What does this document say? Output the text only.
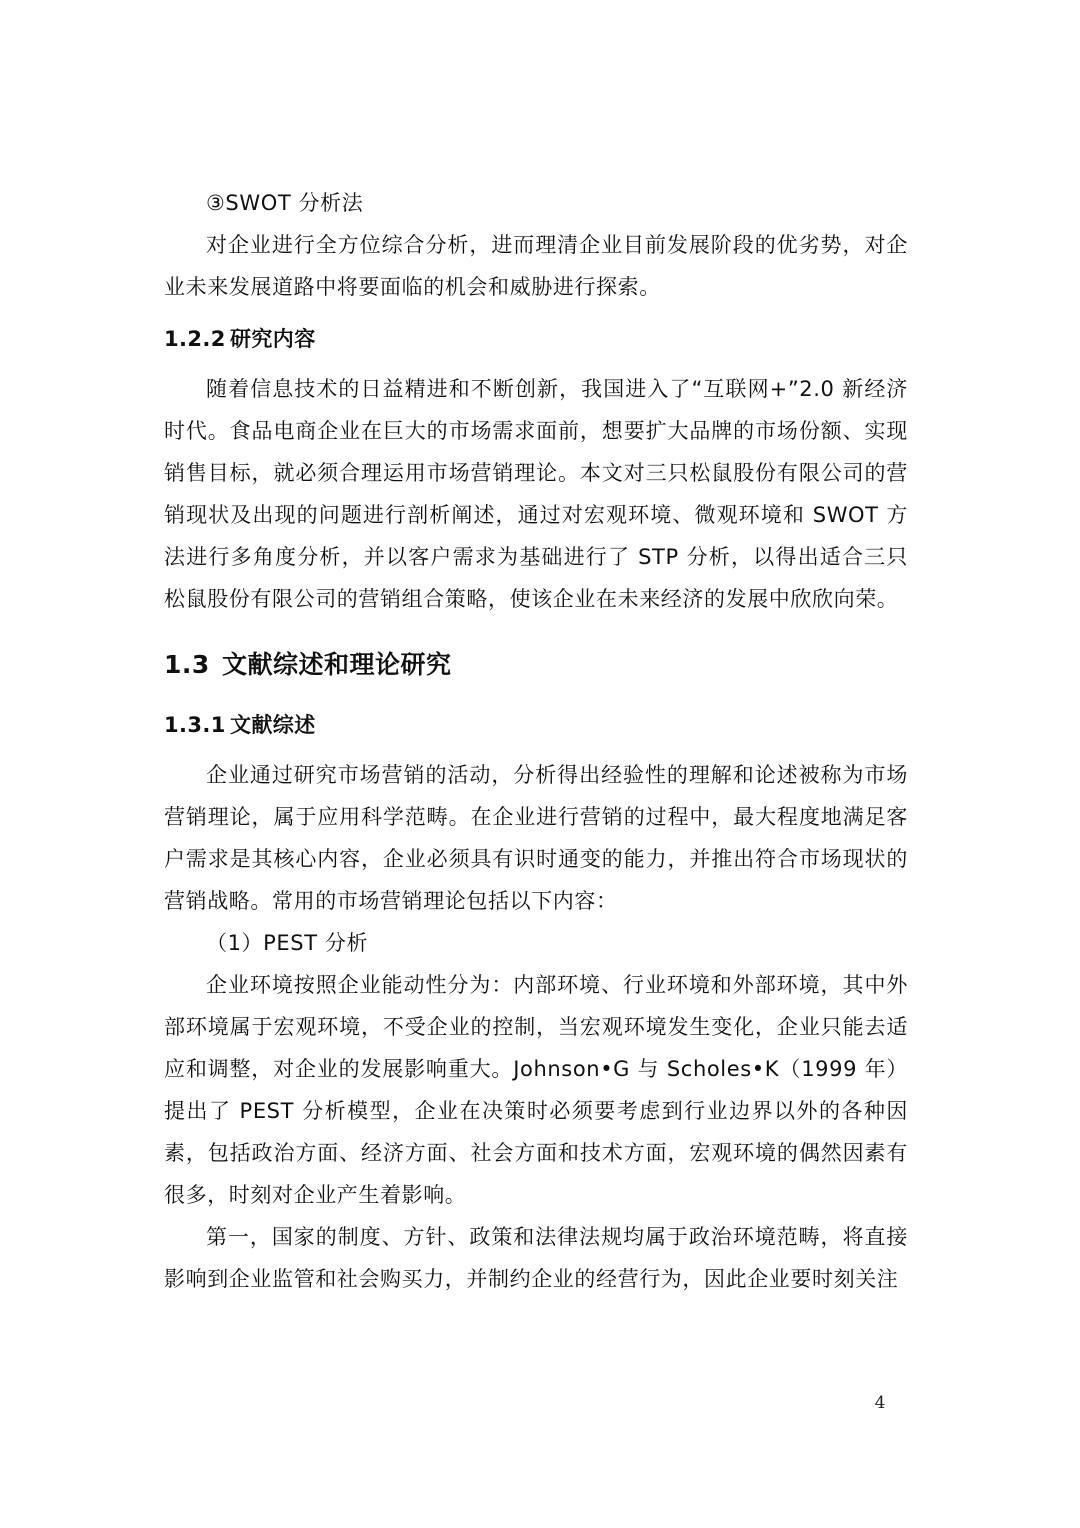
③SWOT 分析法

对企业进行全方位综合分析，进而理清企业目前发展阶段的优劣势，对企业未来发展道路中将要面临的机会和威胁进行探索。

1.2.2 研究内容

随着信息技术的日益精进和不断创新，我国进入了“互联网+”2.0 新经济时代。食品电商企业在巨大的市场需求面前，想要扩大品牌的市场份额、实现销售目标，就必须合理运用市场营销理论。本文对三只松鼠股份有限公司的营销现状及出现的问题进行剖析阐述，通过对宏观环境、微观环境和 SWOT 方法进行多角度分析，并以客户需求为基础进行了 STP 分析，以得出适合三只松鼠股份有限公司的营销组合策略，使该企业在未来经济的发展中欣欣向荣。

1.3 文献综述和理论研究
1.3.1 文献综述

企业通过研究市场营销的活动，分析得出经验性的理解和论述被称为市场营销理论，属于应用科学范畴。在企业进行营销的过程中，最大程度地满足客户需求是其核心内容，企业必须具有识时通变的能力，并推出符合市场现状的营销战略。常用的市场营销理论包括以下内容：

（1）PEST 分析

企业环境按照企业能动性分为：内部环境、行业环境和外部环境，其中外部环境属于宏观环境，不受企业的控制，当宏观环境发生变化，企业只能去适应和调整，对企业的发展影响重大。Johnson•G 与 Scholes•K（1999 年）提出了 PEST 分析模型，企业在决策时必须要考虑到行业边界以外的各种因素，包括政治方面、经济方面、社会方面和技术方面，宏观环境的偶然因素有很多，时刻对企业产生着影响。

第一，国家的制度、方针、政策和法律法规均属于政治环境范畴，将直接影响到企业监管和社会购买力，并制约企业的经营行为，因此企业要时刻关注

4
